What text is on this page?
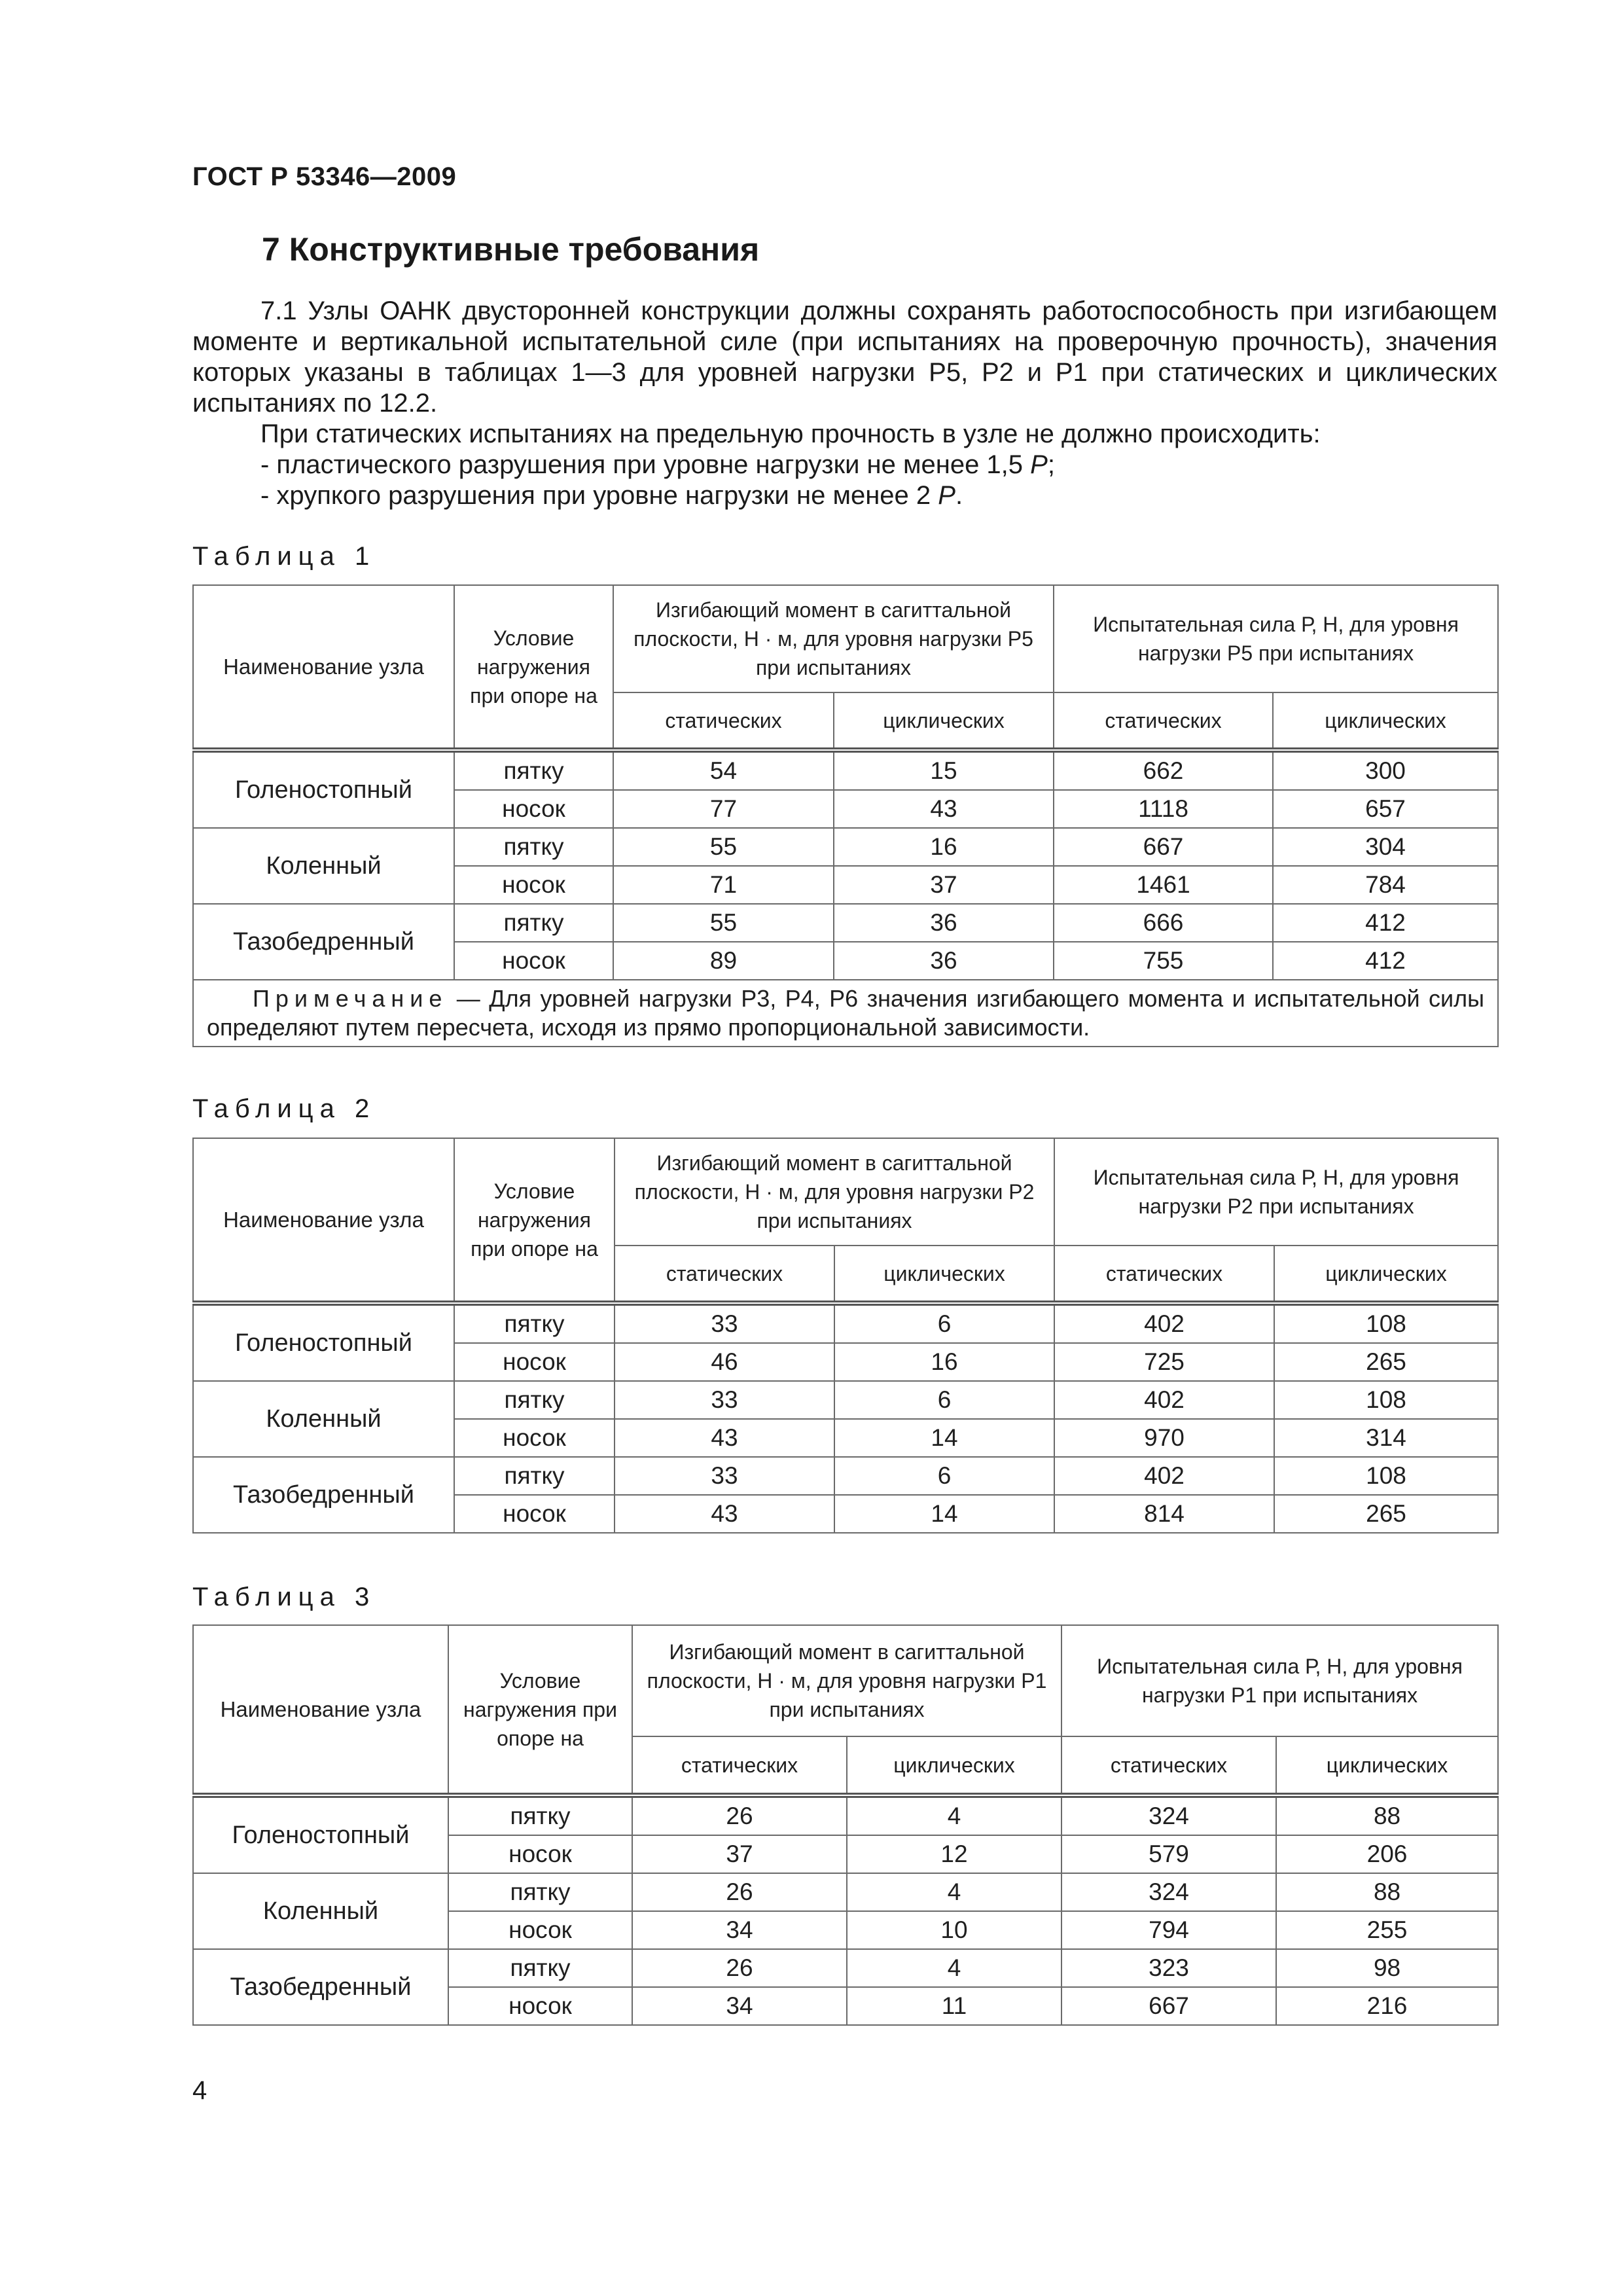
ГОСТ Р 53346—2009
7 Конструктивные требования

7.1 Узлы ОАНК двусторонней конструкции должны сохранять работоспособность при изгибающем моменте и вертикальной испытательной силе (при испытаниях на проверочную прочность), значения которых указаны в таблицах 1—3 для уровней нагрузки Р5, Р2 и Р1 при статических и циклических испытаниях по 12.2.

При статических испытаниях на предельную прочность в узле не должно происходить:

- пластического разрушения при уровне нагрузки не менее 1,5 Р;
- хрупкого разрушения при уровне нагрузки не менее 2 Р.
Таблица 1
Наименование узла	Условие нагружения при опоре на	Изгибающий момент в сагиттальной плоскости, Н · м, для уровня нагрузки Р5 при испытаниях		Испытательная сила Р, Н, для уровня нагрузки Р5 при испытаниях	
		статических	циклических	статических	циклических
Голеностопный	пятку	54	15	662	300
	носок	77	43	1118	657
Коленный	пятку	55	16	667	304
	носок	71	37	1461	784
Тазобедренный	пятку	55	36	666	412
	носок	89	36	755	412
Примечание — Для уровней нагрузки Р3, Р4, Р6 значения изгибающего момента и испытательной силы определяют путем пересчета, исходя из прямо пропорциональной зависимости.					
Таблица 2
Наименование узла	Условие нагружения при опоре на	Изгибающий момент в сагиттальной плоскости, Н · м, для уровня нагрузки Р2 при испытаниях		Испытательная сила Р, Н, для уровня нагрузки Р2 при испытаниях	
		статических	циклических	статических	циклических
Голеностопный	пятку	33	6	402	108
	носок	46	16	725	265
Коленный	пятку	33	6	402	108
	носок	43	14	970	314
Тазобедренный	пятку	33	6	402	108
	носок	43	14	814	265
Таблица 3
Наименование узла	Условие нагружения при опоре на	Изгибающий момент в сагиттальной плоскости, Н · м, для уровня нагрузки Р1 при испытаниях		Испытательная сила Р, Н, для уровня нагрузки Р1 при испытаниях	
		статических	циклических	статических	циклических
Голеностопный	пятку	26	4	324	88
	носок	37	12	579	206
Коленный	пятку	26	4	324	88
	носок	34	10	794	255
Тазобедренный	пятку	26	4	323	98
	носок	34	11	667	216
4
